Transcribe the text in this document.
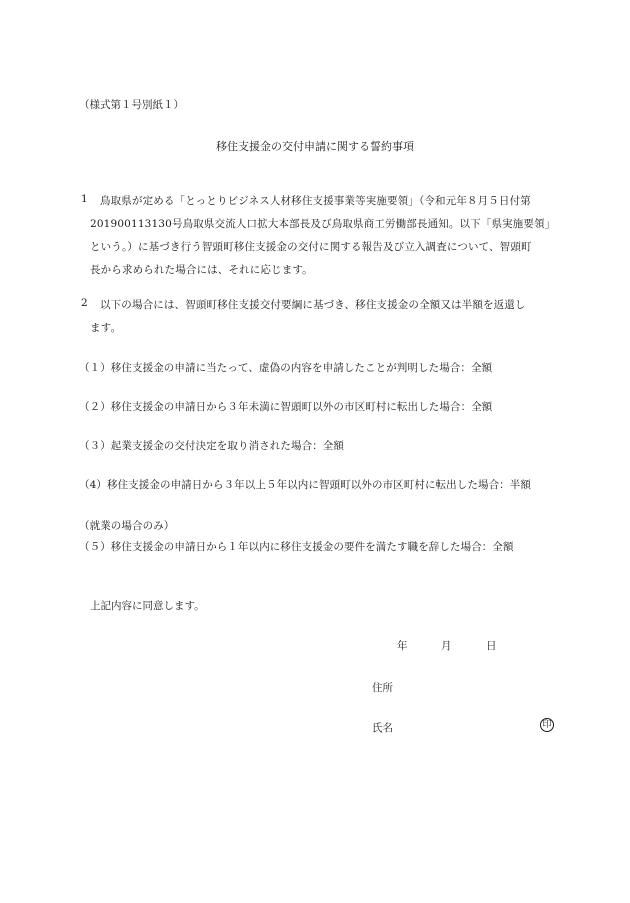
（様式第１号別紙１）
移住支援金の交付申請に関する誓約事項
1 鳥取県が定める「とっとりビジネス人材移住支援事業等実施要領」（令和元年８月５日付第
201900113130号鳥取県交流人口拡大本部長及び鳥取県商工労働部長通知。以下「県実施要領」
という。）に基づき行う智頭町移住支援金の交付に関する報告及び立入調査について、智頭町
長から求められた場合には、それに応じます。
2 以下の場合には、智頭町移住支援交付要綱に基づき、移住支援金の全額又は半額を返還し
ます。
（１）移住支援金の申請に当たって、虚偽の内容を申請したことが判明した場合：全額
（２）移住支援金の申請日から３年未満に智頭町以外の市区町村に転出した場合：全額
（３）起業支援金の交付決定を取り消された場合：全額
（4）移住支援金の申請日から３年以上５年以内に智頭町以外の市区町村に転出した場合：半額
（就業の場合のみ）
（５）移住支援金の申請日から１年以内に移住支援金の要件を満たす職を辞した場合：全額
上記内容に同意します。
年	月	日
住所
氏名	印
